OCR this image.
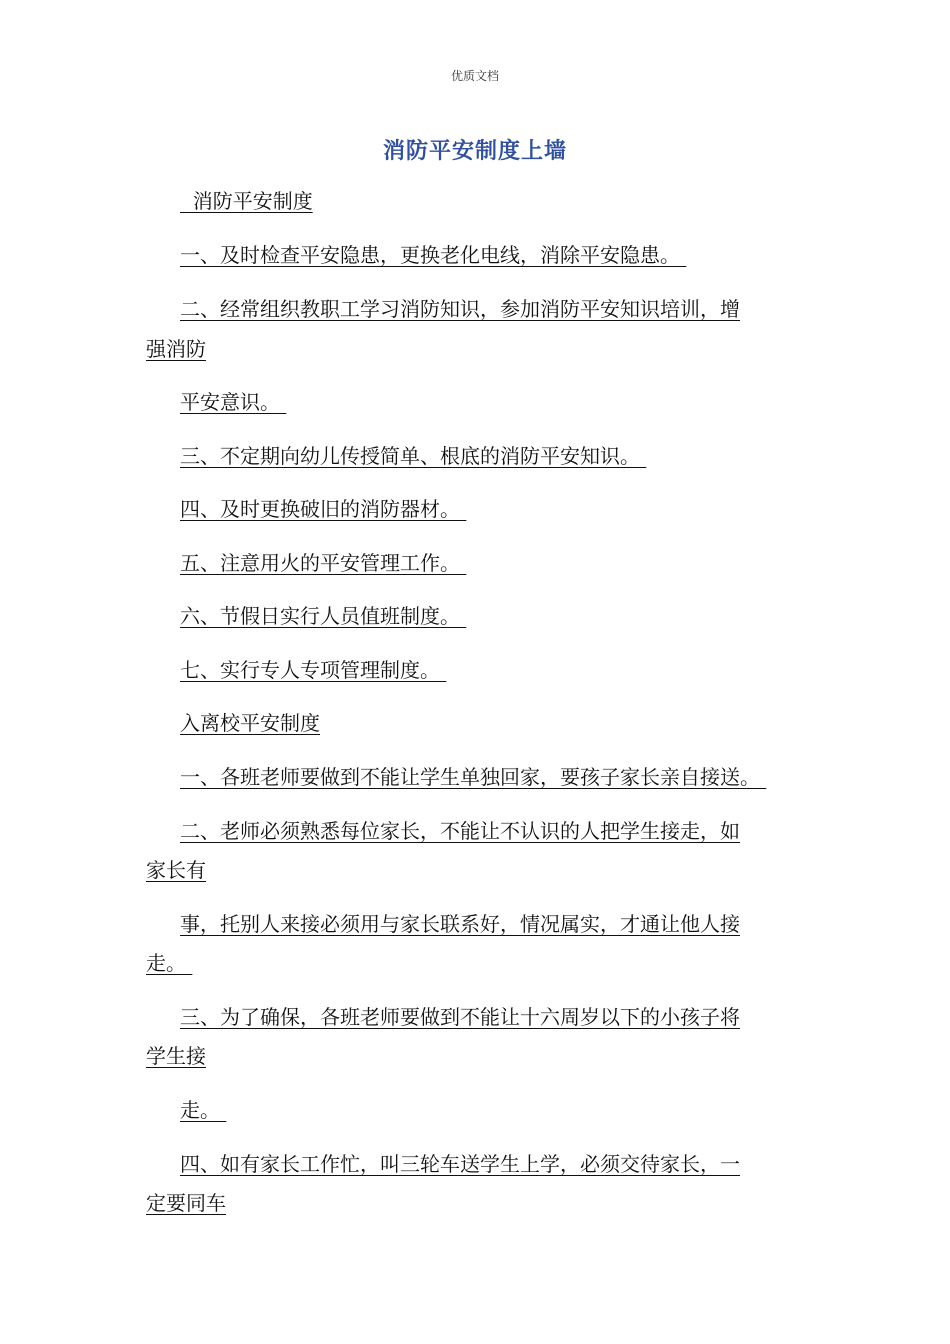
优质文档
消防平安制度上墙
消防平安制度
一、及时检查平安隐患，更换老化电线，消除平安隐患。
二、经常组织教职工学习消防知识，参加消防平安知识培训，增
强消防
平安意识。
三、不定期向幼儿传授简单、根底的消防平安知识。
四、及时更换破旧的消防器材。
五、注意用火的平安管理工作。
六、节假日实行人员值班制度。
七、实行专人专项管理制度。
入离校平安制度
一、各班老师要做到不能让学生单独回家，要孩子家长亲自接送。
二、老师必须熟悉每位家长，不能让不认识的人把学生接走，如
家长有
事，托别人来接必须用与家长联系好，情况属实，才通让他人接
走。
三、为了确保，各班老师要做到不能让十六周岁以下的小孩子将
学生接
走。
四、如有家长工作忙，叫三轮车送学生上学，必须交待家长，一
定要同车
